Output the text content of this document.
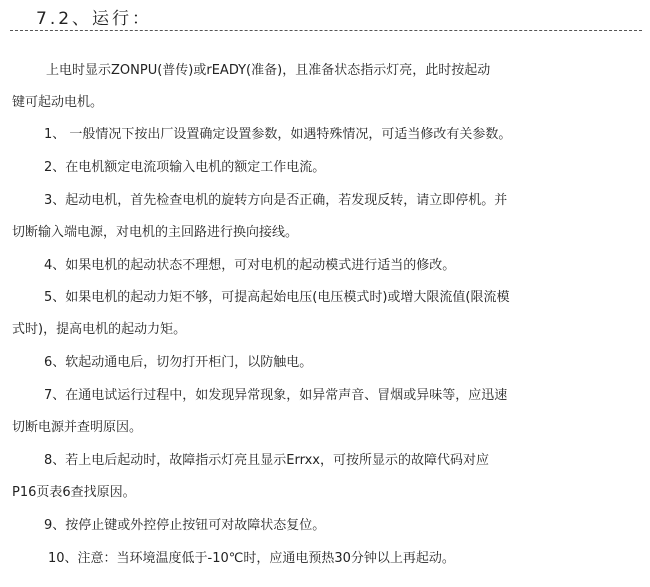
7.2、运行：
上电时显示ZONPU(普传)或rEADY(准备)，且准备状态指示灯亮，此时按起动
键可起动电机。
1、 一般情况下按出厂设置确定设置参数，如遇特殊情况，可适当修改有关参数。
2、在电机额定电流项输入电机的额定工作电流。
3、起动电机，首先检查电机的旋转方向是否正确，若发现反转，请立即停机。并
切断输入端电源，对电机的主回路进行换向接线。
4、如果电机的起动状态不理想，可对电机的起动模式进行适当的修改。
5、如果电机的起动力矩不够，可提高起始电压(电压模式时)或增大限流值(限流模
式时)，提高电机的起动力矩。
6、软起动通电后，切勿打开柜门，以防触电。
7、在通电试运行过程中，如发现异常现象，如异常声音、冒烟或异味等，应迅速
切断电源并查明原因。
8、若上电后起动时，故障指示灯亮且显示Errxx，可按所显示的故障代码对应
P16页表6查找原因。
9、按停止键或外控停止按钮可对故障状态复位。
10、注意：当环境温度低于-10℃时，应通电预热30分钟以上再起动。
